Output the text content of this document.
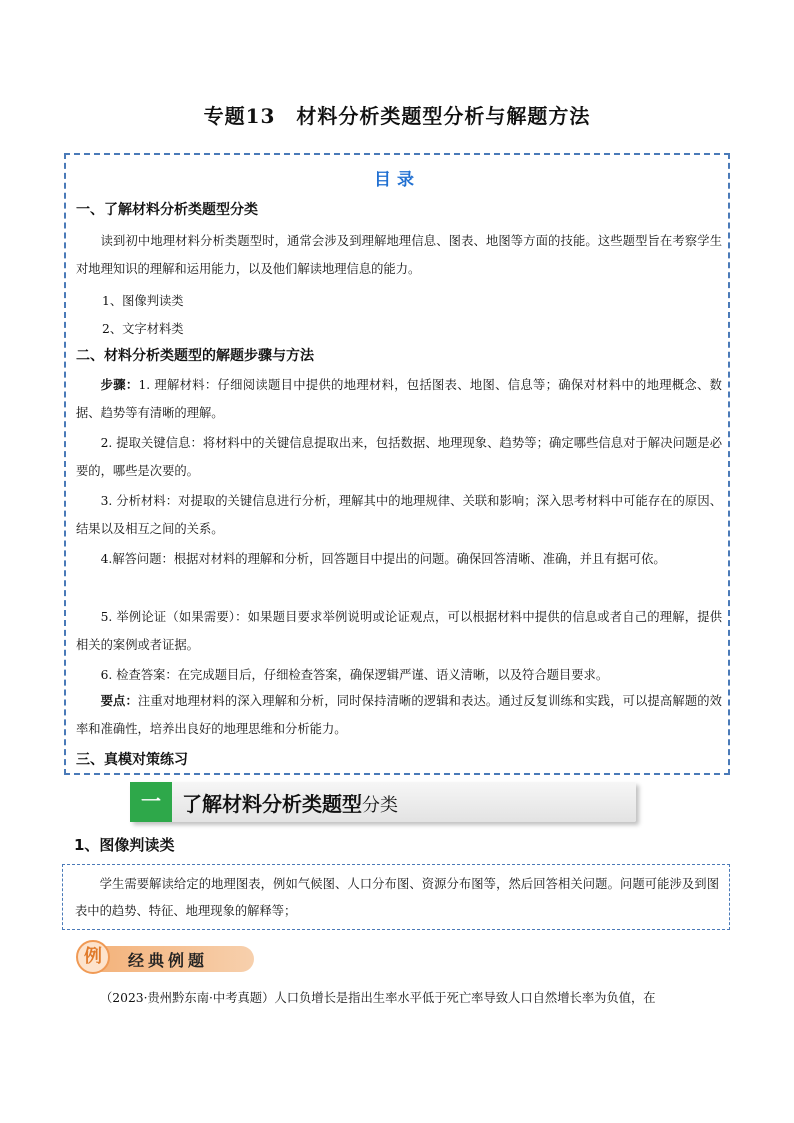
专题13　材料分析类题型分析与解题方法
目录
一、了解材料分析类题型分类
读到初中地理材料分析类题型时，通常会涉及到理解地理信息、图表、地图等方面的技能。这些题型旨在考察学生对地理知识的理解和运用能力，以及他们解读地理信息的能力。
1、图像判读类
2、文字材料类
二、材料分析类题型的解题步骤与方法
步骤：1. 理解材料：仔细阅读题目中提供的地理材料，包括图表、地图、信息等；确保对材料中的地理概念、数据、趋势等有清晰的理解。
2. 提取关键信息：将材料中的关键信息提取出来，包括数据、地理现象、趋势等；确定哪些信息对于解决问题是必要的，哪些是次要的。
3. 分析材料：对提取的关键信息进行分析，理解其中的地理规律、关联和影响；深入思考材料中可能存在的原因、结果以及相互之间的关系。
4.解答问题：根据对材料的理解和分析，回答题目中提出的问题。确保回答清晰、准确，并且有据可依。
5. 举例论证（如果需要）：如果题目要求举例说明或论证观点，可以根据材料中提供的信息或者自己的理解，提供相关的案例或者证据。
6. 检查答案：在完成题目后，仔细检查答案，确保逻辑严谨、语义清晰，以及符合题目要求。
要点：注重对地理材料的深入理解和分析，同时保持清晰的逻辑和表达。通过反复训练和实践，可以提高解题的效率和准确性，培养出良好的地理思维和分析能力。
三、真模对策练习
一	了解材料分析类题型分类
1、图像判读类
学生需要解读给定的地理图表，例如气候图、人口分布图、资源分布图等，然后回答相关问题。问题可能涉及到图表中的趋势、特征、地理现象的解释等；
例	经典例题
（2023·贵州黔东南·中考真题）人口负增长是指出生率水平低于死亡率导致人口自然增长率为负值，在
